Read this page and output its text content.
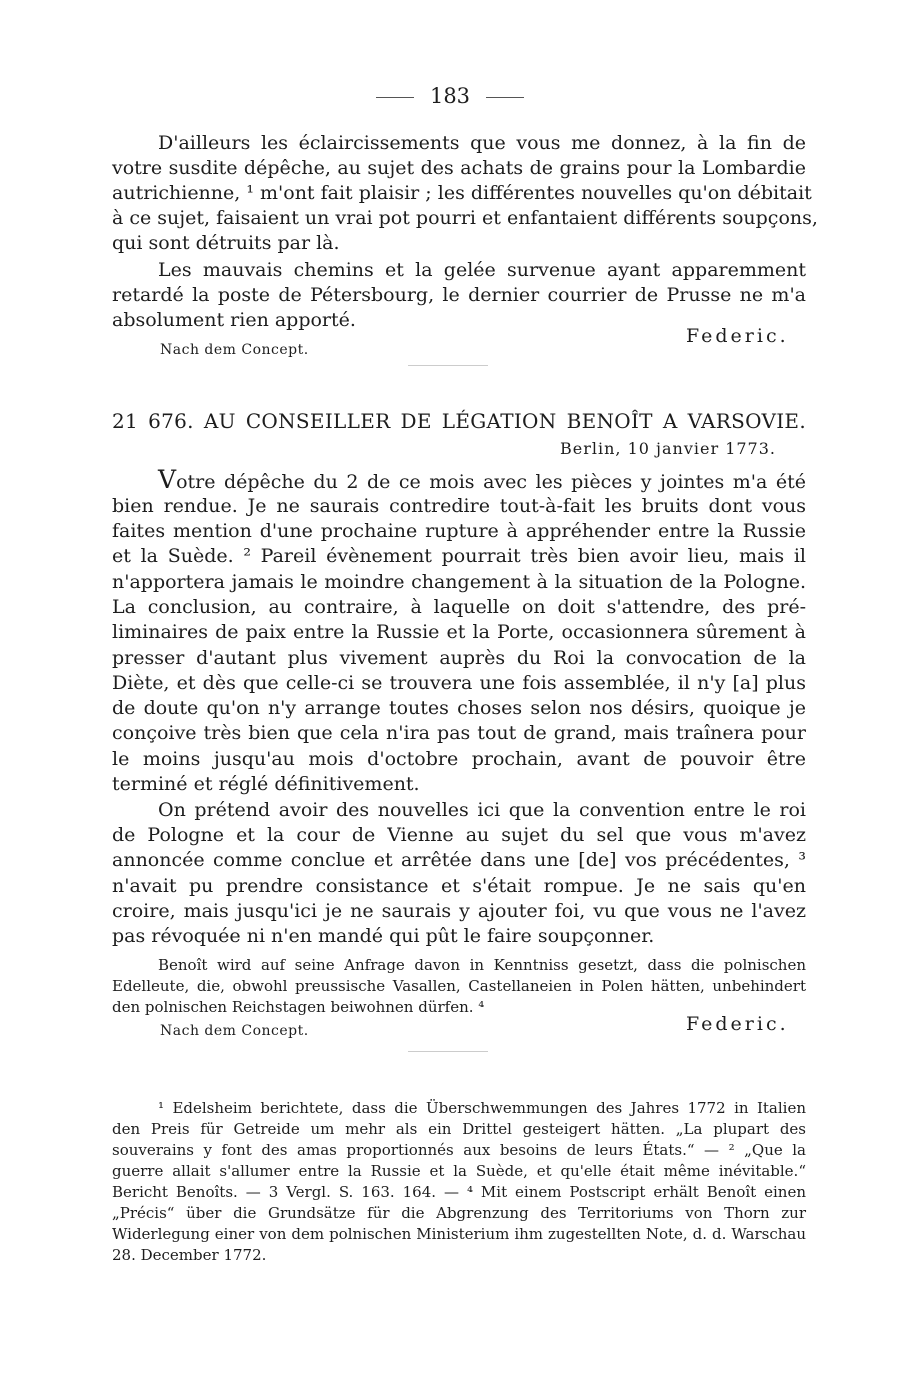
183
D'ailleurs les éclaircissements que vous me donnez, à la fin de
votre susdite dépêche, au sujet des achats de grains pour la Lombardie
autrichienne, ¹ m'ont fait plaisir ; les différentes nouvelles qu'on débitait
à ce sujet, faisaient un vrai pot pourri et enfantaient différents soupçons,
qui sont détruits par là.
Les mauvais chemins et la gelée survenue ayant apparemment
retardé la poste de Pétersbourg, le dernier courrier de Prusse ne m'a
absolument rien apporté.
Federic.
Nach dem Concept.
21 676. AU CONSEILLER DE LÉGATION BENOÎT A VARSOVIE.
Berlin, 10 janvier 1773.
Votre dépêche du 2 de ce mois avec les pièces y jointes m'a été
bien rendue. Je ne saurais contredire tout-à-fait les bruits dont vous
faites mention d'une prochaine rupture à appréhender entre la Russie
et la Suède. ² Pareil évènement pourrait très bien avoir lieu, mais il
n'apportera jamais le moindre changement à la situation de la Pologne.
La conclusion, au contraire, à laquelle on doit s'attendre, des pré-
liminaires de paix entre la Russie et la Porte, occasionnera sûrement à
presser d'autant plus vivement auprès du Roi la convocation de la
Diète, et dès que celle-ci se trouvera une fois assemblée, il n'y [a] plus
de doute qu'on n'y arrange toutes choses selon nos désirs, quoique je
conçoive très bien que cela n'ira pas tout de grand, mais traînera pour
le moins jusqu'au mois d'octobre prochain, avant de pouvoir être
terminé et réglé définitivement.
On prétend avoir des nouvelles ici que la convention entre le roi
de Pologne et la cour de Vienne au sujet du sel que vous m'avez
annoncée comme conclue et arrêtée dans une [de] vos précédentes, ³
n'avait pu prendre consistance et s'était rompue. Je ne sais qu'en
croire, mais jusqu'ici je ne saurais y ajouter foi, vu que vous ne l'avez
pas révoquée ni n'en mandé qui pût le faire soupçonner.
Benoît wird auf seine Anfrage davon in Kenntniss gesetzt, dass die polnischen
Edelleute, die, obwohl preussische Vasallen, Castellaneien in Polen hätten, unbehindert
den polnischen Reichstagen beiwohnen dürfen. ⁴
Federic.
Nach dem Concept.
¹ Edelsheim berichtete, dass die Überschwemmungen des Jahres 1772 in Italien
den Preis für Getreide um mehr als ein Drittel gesteigert hätten. „La plupart des
souverains y font des amas proportionnés aux besoins de leurs États.“ — ² „Que la
guerre allait s'allumer entre la Russie et la Suède, et qu'elle était même inévitable.“
Bericht Benoîts. — 3 Vergl. S. 163. 164. — ⁴ Mit einem Postscript erhält Benoît einen
„Précis“ über die Grundsätze für die Abgrenzung des Territoriums von Thorn zur
Widerlegung einer von dem polnischen Ministerium ihm zugestellten Note, d. d. Warschau
28. December 1772.
